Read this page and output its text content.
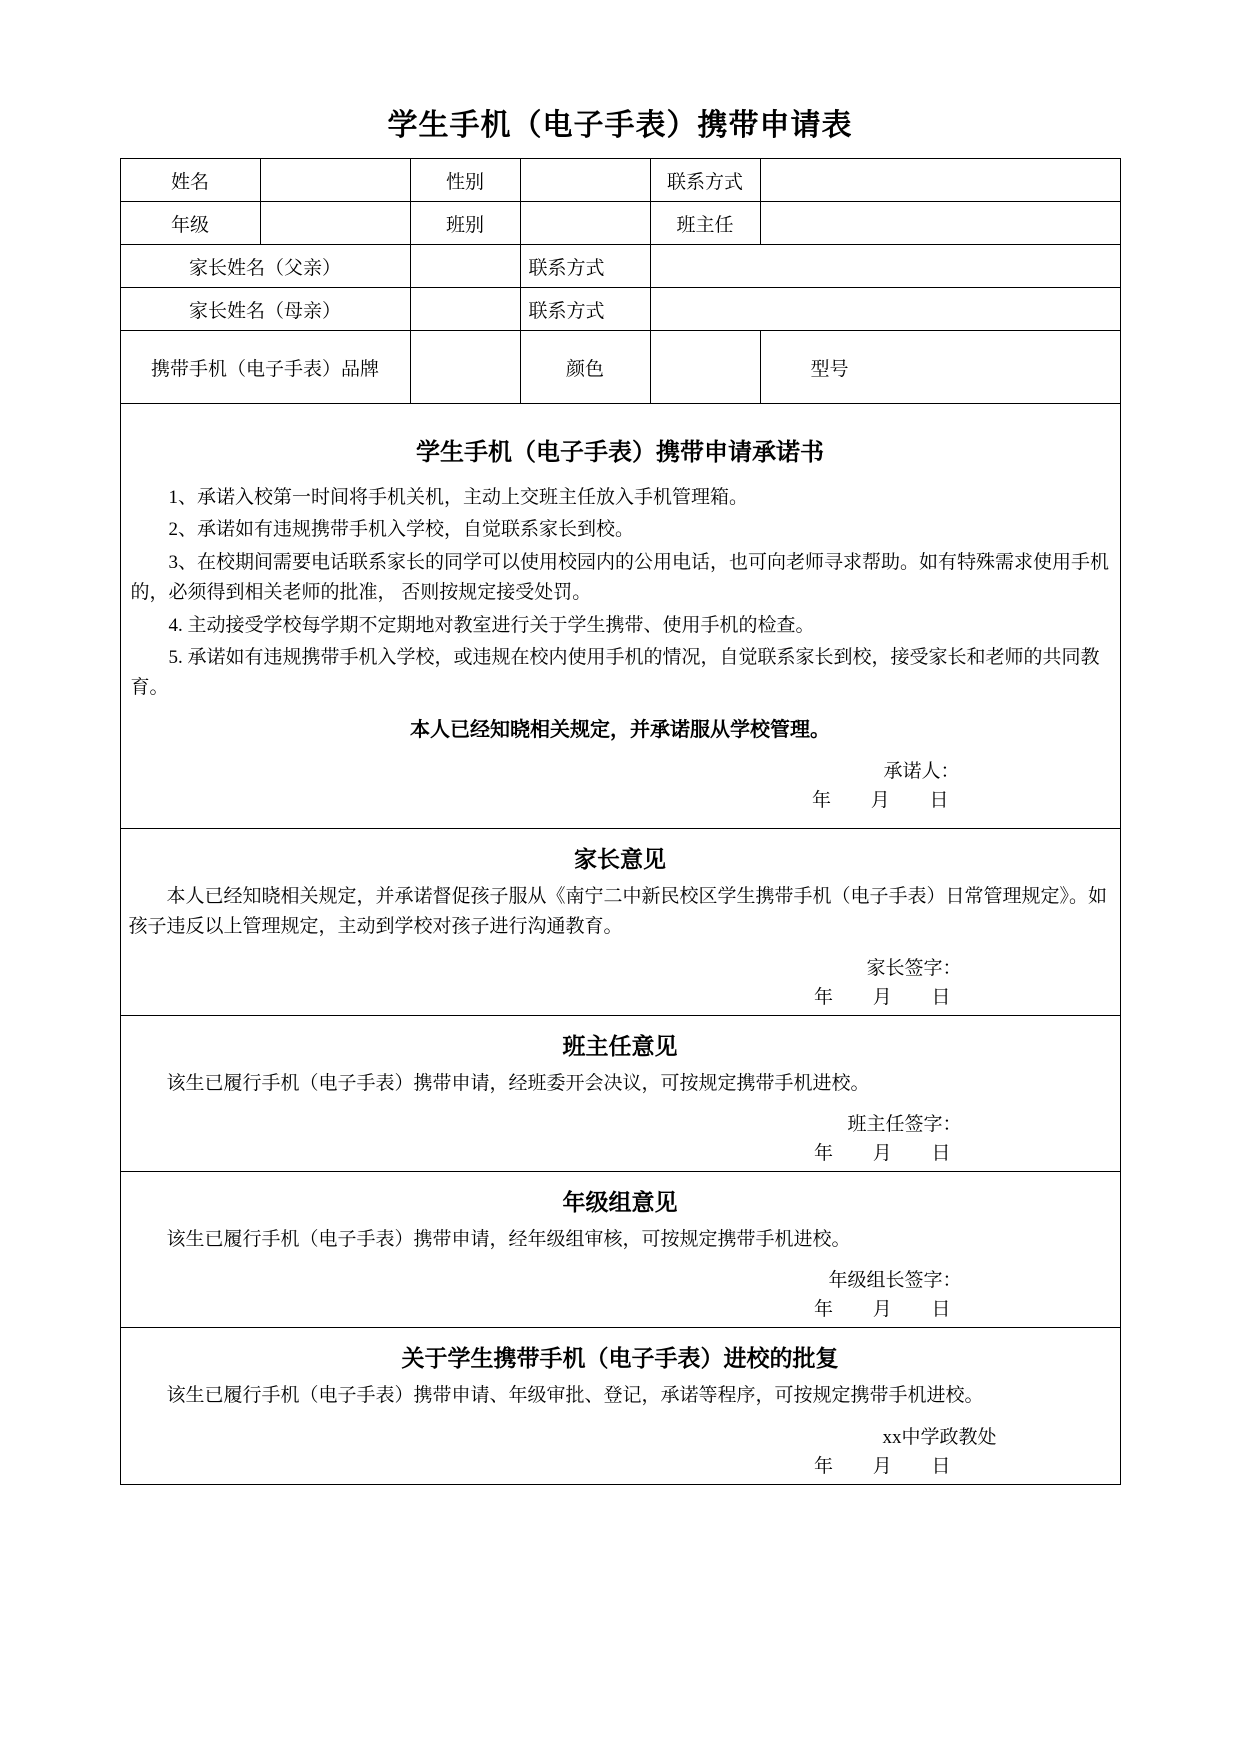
学生手机（电子手表）携带申请表
姓名		性别		联系方式	
年级		班别		班主任	
家长姓名（父亲）			联系方式		
家长姓名（母亲）			联系方式		
携带手机（电子手表）品牌			颜色		型号

学生手机（电子手表）携带申请承诺书

1、承诺入校第一时间将手机关机，主动上交班主任放入手机管理箱。

2、承诺如有违规携带手机入学校，自觉联系家长到校。

3、在校期间需要电话联系家长的同学可以使用校园内的公用电话，也可向老师寻求帮助。如有特殊需求使用手机的，必须得到相关老师的批准， 否则按规定接受处罚。

4. 主动接受学校每学期不定期地对教室进行关于学生携带、使用手机的检查。

5. 承诺如有违规携带手机入学校，或违规在校内使用手机的情况，自觉联系家长到校，接受家长和老师的共同教育。

本人已经知晓相关规定，并承诺服从学校管理。

承诺人：
年 月 日

家长意见

本人已经知晓相关规定，并承诺督促孩子服从《南宁二中新民校区学生携带手机（电子手表）日常管理规定》。如孩子违反以上管理规定，主动到学校对孩子进行沟通教育。

家长签字：
年 月 日					

班主任意见

该生已履行手机（电子手表）携带申请，经班委开会决议，可按规定携带手机进校。

班主任签字：
年 月 日					

年级组意见

该生已履行手机（电子手表）携带申请，经年级组审核，可按规定携带手机进校。

年级组长签字：
年 月 日					

关于学生携带手机（电子手表）进校的批复

该生已履行手机（电子手表）携带申请、年级审批、登记，承诺等程序，可按规定携带手机进校。

xx中学政教处
年 月 日					
